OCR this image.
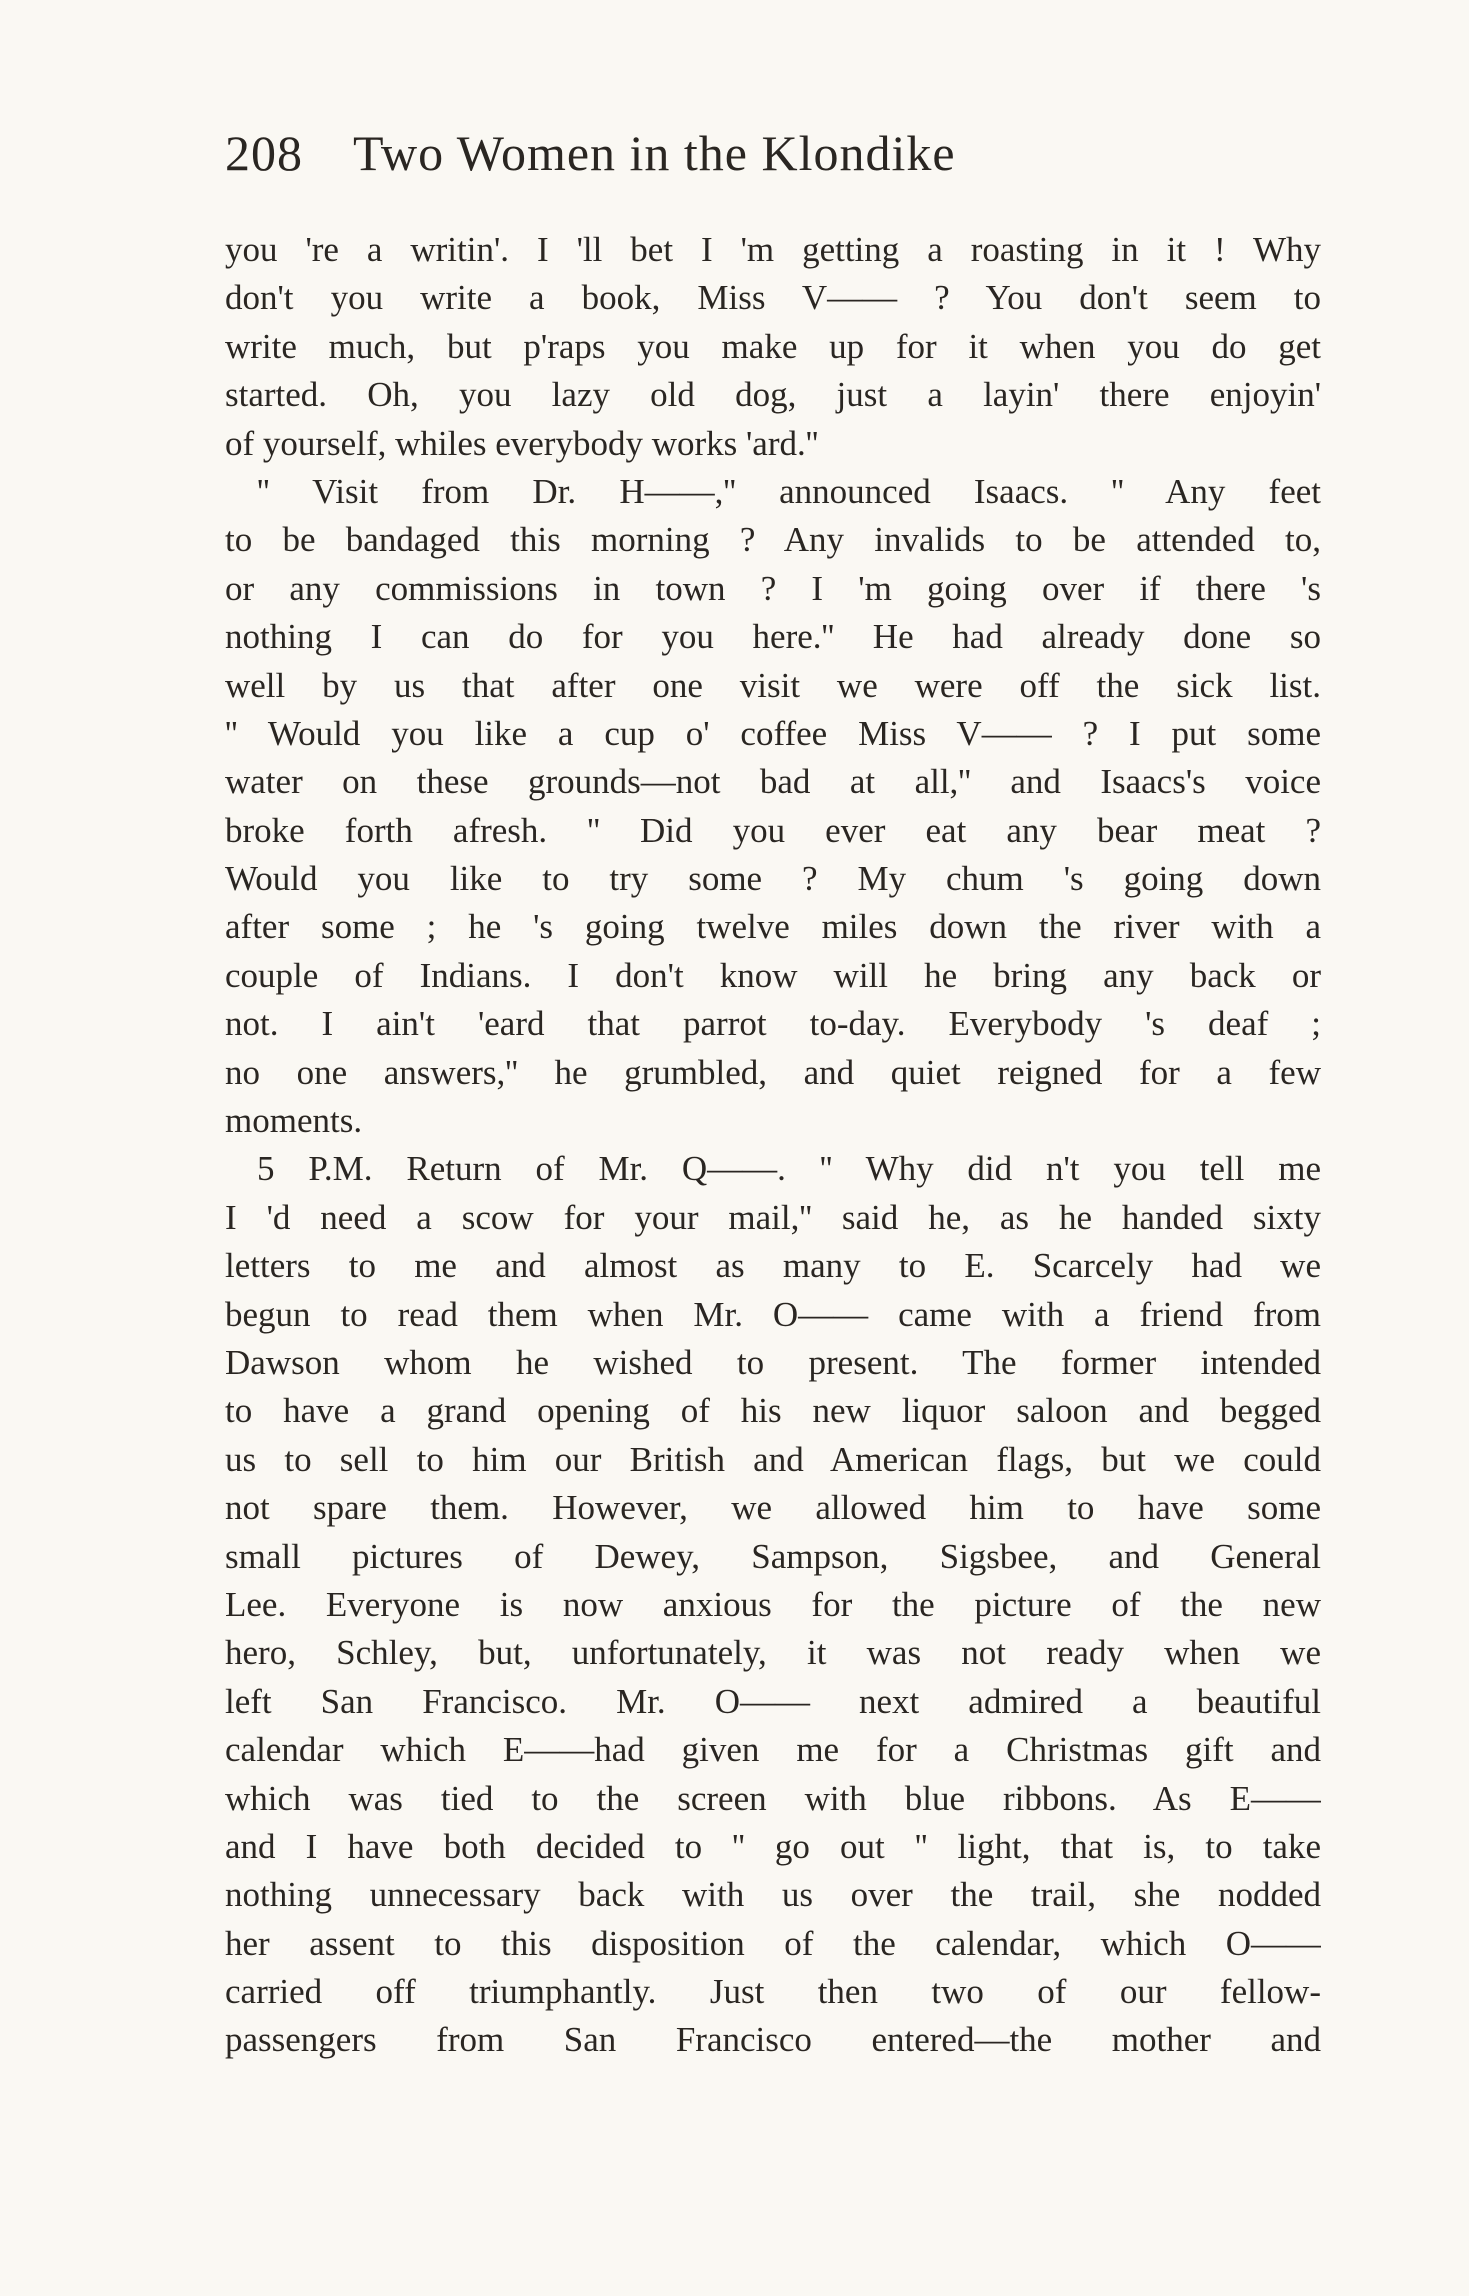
208 Two Women in the Klondike
you 're a writin'. I 'll bet I 'm getting a roasting in it ! Why
don't you write a book, Miss V—— ? You don't seem to
write much, but p'raps you make up for it when you do get
started. Oh, you lazy old dog, just a layin' there enjoyin'
of yourself, whiles everybody works 'ard.''
'' Visit from Dr. H——,'' announced Isaacs. '' Any feet
to be bandaged this morning ? Any invalids to be attended to,
or any commissions in town ? I 'm going over if there 's
nothing I can do for you here.'' He had already done so
well by us that after one visit we were off the sick list.
'' Would you like a cup o' coffee Miss V—— ? I put some
water on these grounds—not bad at all,'' and Isaacs's voice
broke forth afresh. '' Did you ever eat any bear meat ?
Would you like to try some ? My chum 's going down
after some ; he 's going twelve miles down the river with a
couple of Indians. I don't know will he bring any back or
not. I ain't 'eard that parrot to-day. Everybody 's deaf ;
no one answers,'' he grumbled, and quiet reigned for a few
moments.
5 P.M. Return of Mr. Q——. '' Why did n't you tell me
I 'd need a scow for your mail,'' said he, as he handed sixty
letters to me and almost as many to E. Scarcely had we
begun to read them when Mr. O—— came with a friend from
Dawson whom he wished to present. The former intended
to have a grand opening of his new liquor saloon and begged
us to sell to him our British and American flags, but we could
not spare them. However, we allowed him to have some
small pictures of Dewey, Sampson, Sigsbee, and General
Lee. Everyone is now anxious for the picture of the new
hero, Schley, but, unfortunately, it was not ready when we
left San Francisco. Mr. O—— next admired a beautiful
calendar which E——had given me for a Christmas gift and
which was tied to the screen with blue ribbons. As E——
and I have both decided to '' go out '' light, that is, to take
nothing unnecessary back with us over the trail, she nodded
her assent to this disposition of the calendar, which O——
carried off triumphantly. Just then two of our fellow-
passengers from San Francisco entered—the mother and
